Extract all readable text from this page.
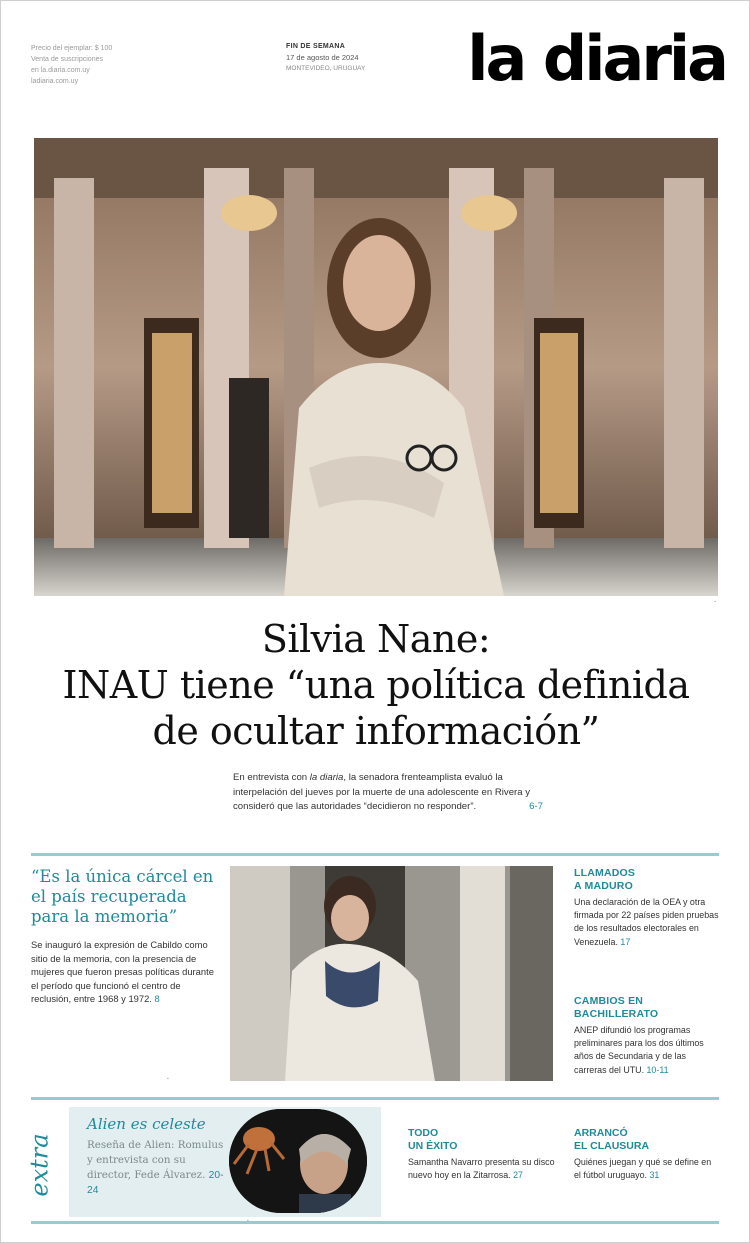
Precio del ejemplar: $ 100
Venta de suscripciones
en la.diaria.com.uy
ladiaria.com.uy
FIN DE SEMANA
17 de agosto de 2024
MONTEVIDEO, URUGUAY	la diaria
▪
Silvia Nane:
INAU tiene “una política definida
de ocultar información”
En entrevista con la diaria, la senadora frenteamplista evaluó la interpelación del jueves por la muerte de una adolescente en Rivera y consideró que las autoridades “decidieron no responder”.	6-7
“Es la única cárcel en el país recuperada para la memoria”
Se inauguró la expresión de Cabildo como sitio de la memoria, con la presencia de mujeres que fueron presas políticas durante el período que funcionó el centro de reclusión, entre 1968 y 1972. 8
▪
LLAMADOS
A MADURO
Una declaración de la OEA y otra firmada por 22 países piden pruebas de los resultados electorales en Venezuela. 17
CAMBIOS EN
BACHILLERATO
ANEP difundió los programas preliminares para los dos últimos años de Secundaria y de las carreras del UTU. 10-11
extra
Alien es celeste
Reseña de Alien: Romulus y entrevista con su director, Fede Álvarez. 20-24
TODO
UN ÉXITO
Samantha Navarro presenta su disco nuevo hoy en la Zitarrosa. 27
ARRANCÓ
EL CLAUSURA
Quiénes juegan y qué se define en el fútbol uruguayo. 31
